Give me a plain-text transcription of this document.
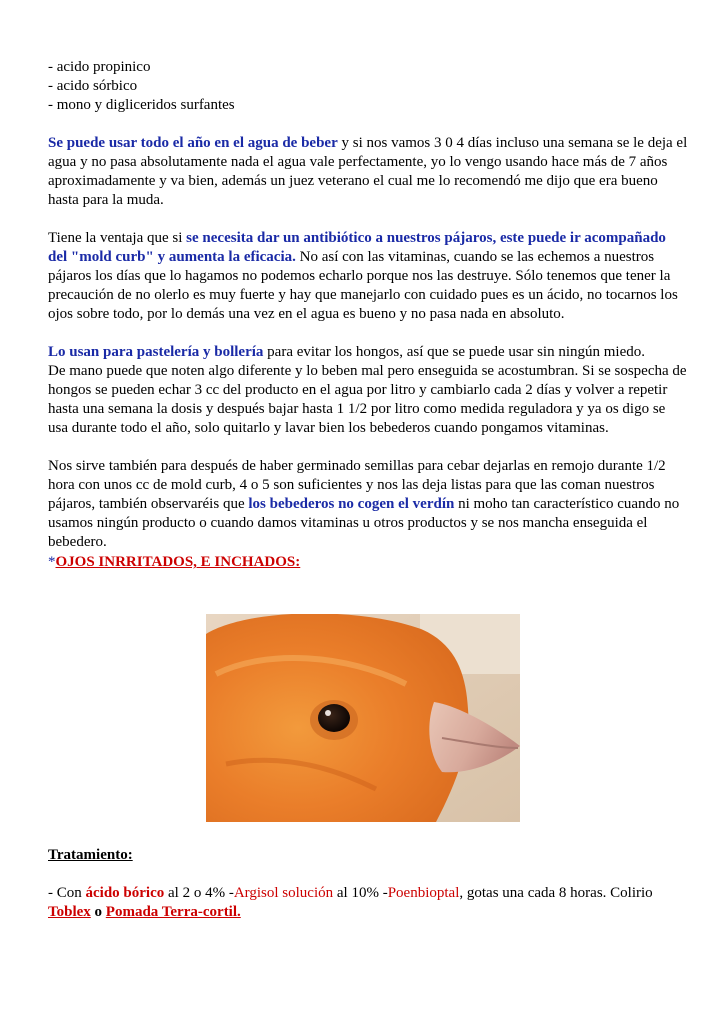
- acido propinico
- acido sórbico
- mono y digliceridos surfantes

Se puede usar todo el año en el agua de beber y si nos vamos 3 0 4 días incluso una semana se le deja el agua y no pasa absolutamente nada el agua vale perfectamente, yo lo vengo usando hace más de 7 años aproximadamente y va bien, además un juez veterano el cual me lo recomendó me dijo que era bueno hasta para la muda.

Tiene la ventaja que si se necesita dar un antibiótico a nuestros pájaros, este puede ir acompañado del "mold curb" y aumenta la eficacia. No así con las vitaminas, cuando se las echemos a nuestros pájaros los días que lo hagamos no podemos echarlo porque nos las destruye. Sólo tenemos que tener la precaución de no olerlo es muy fuerte y hay que manejarlo con cuidado pues es un ácido, no tocarnos los ojos sobre todo, por lo demás una vez en el agua es bueno y no pasa nada en absoluto.

Lo usan para pastelería y bollería para evitar los hongos, así que se puede usar sin ningún miedo.
De mano puede que noten algo diferente y lo beben mal pero enseguida se acostumbran. Si se sospecha de hongos se pueden echar 3 cc del producto en el agua por litro y cambiarlo cada 2 días y volver a repetir hasta una semana la dosis y después bajar hasta 1 1/2 por litro como medida reguladora y ya os digo se usa durante todo el año, solo quitarlo y lavar bien los bebederos cuando pongamos vitaminas.

Nos sirve también para después de haber germinado semillas para cebar dejarlas en remojo durante 1/2 hora con unos cc de mold curb, 4 o 5 son suficientes y nos las deja listas para que las coman nuestros pájaros, también observaréis que los bebederos no cogen el verdín ni moho tan característico cuando no usamos ningún producto o cuando damos vitaminas u otros productos y se nos mancha enseguida el bebedero.

*OJOS INRRITADOS, E INCHADOS:
Tratamiento:
- Con ácido bórico al 2 o 4% -Argisol solución al 10% -Poenbioptal, gotas una cada 8 horas. Colirio
Toblex o Pomada Terra-cortil.
